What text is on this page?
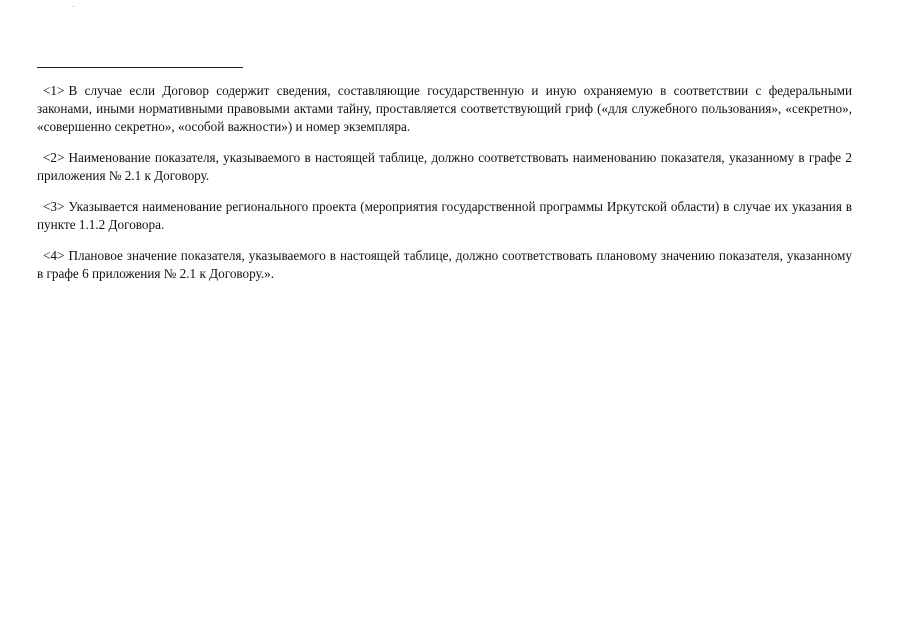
<1> В случае если Договор содержит сведения, составляющие государственную и иную охраняемую в соответствии с федеральными законами, иными нормативными правовыми актами тайну, проставляется соответствующий гриф («для служебного пользования», «секретно», «совершенно секретно», «особой важности») и номер экземпляра.

<2> Наименование показателя, указываемого в настоящей таблице, должно соответствовать наименованию показателя, указанному в графе 2 приложения № 2.1 к Договору.

<3> Указывается наименование регионального проекта (мероприятия государственной программы Иркутской области) в случае их указания в пункте 1.1.2 Договора.

<4> Плановое значение показателя, указываемого в настоящей таблице, должно соответствовать плановому значению показателя, указанному в графе 6 приложения № 2.1 к Договору.».
